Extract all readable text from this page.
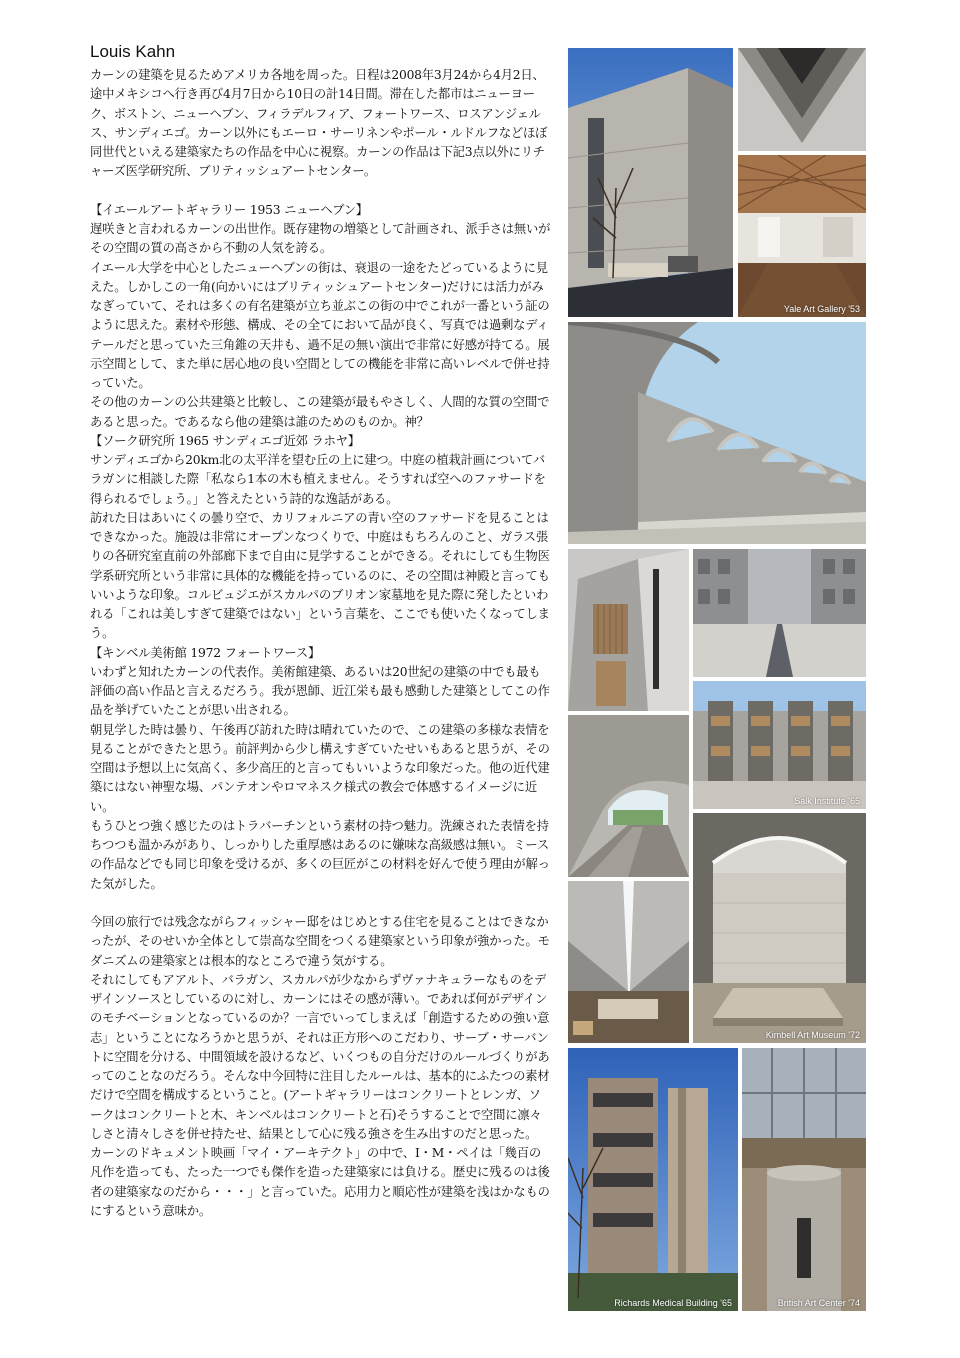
Louis Kahn

カーンの建築を見るためアメリカ各地を周った。日程は2008年3月24から4月2日、途中メキシコへ行き再び4月7日から10日の計14日間。滞在した都市はニューヨーク、ボストン、ニューヘブン、フィラデルフィア、フォートワース、ロスアンジェルス、サンディエゴ。カーン以外にもエーロ・サーリネンやポール・ルドルフなどほぼ同世代といえる建築家たちの作品を中心に視察。カーンの作品は下記3点以外にリチャーズ医学研究所、ブリティッシュアートセンター。

【イエールアートギャラリー 1953 ニューヘブン】

遅咲きと言われるカーンの出世作。既存建物の増築として計画され、派手さは無いがその空間の質の高さから不動の人気を誇る。

イエール大学を中心としたニューヘブンの街は、衰退の一途をたどっているように見えた。しかしこの一角(向かいにはブリティッシュアートセンター)だけには活力がみなぎっていて、それは多くの有名建築が立ち並ぶこの街の中でこれが一番という証のように思えた。素材や形態、構成、その全てにおいて品が良く、写真では過剰なディテールだと思っていた三角錐の天井も、過不足の無い演出で非常に好感が持てる。展示空間として、また単に居心地の良い空間としての機能を非常に高いレベルで併せ持っていた。

その他のカーンの公共建築と比較し、この建築が最もやさしく、人間的な質の空間であると思った。であるなら他の建築は誰のためのものか。神？

【ソーク研究所 1965 サンディエゴ近郊 ラホヤ】

サンディエゴから20km北の太平洋を望む丘の上に建つ。中庭の植栽計画についてバラガンに相談した際「私なら1本の木も植えません。そうすれば空へのファサードを得られるでしょう。」と答えたという詩的な逸話がある。

訪れた日はあいにくの曇り空で、カリフォルニアの青い空のファサードを見ることはできなかった。施設は非常にオープンなつくりで、中庭はもちろんのこと、ガラス張りの各研究室直前の外部廊下まで自由に見学することができる。それにしても生物医学系研究所という非常に具体的な機能を持っているのに、その空間は神殿と言ってもいいような印象。コルビュジエがスカルパのブリオン家墓地を見た際に発したといわれる「これは美しすぎて建築ではない」という言葉を、ここでも使いたくなってしまう。

【キンベル美術館 1972 フォートワース】

いわずと知れたカーンの代表作。美術館建築、あるいは20世紀の建築の中でも最も評価の高い作品と言えるだろう。我が恩師、近江栄も最も感動した建築としてこの作品を挙げていたことが思い出される。

朝見学した時は曇り、午後再び訪れた時は晴れていたので、この建築の多様な表情を見ることができたと思う。前評判から少し構えすぎていたせいもあると思うが、その空間は予想以上に気高く、多少高圧的と言ってもいいような印象だった。他の近代建築にはない神聖な場、パンテオンやロマネスク様式の教会で体感するイメージに近い。

もうひとつ強く感じたのはトラバーチンという素材の持つ魅力。洗練された表情を持ちつつも温かみがあり、しっかりした重厚感はあるのに嫌味な高級感は無い。ミースの作品などでも同じ印象を受けるが、多くの巨匠がこの材料を好んで使う理由が解った気がした。

今回の旅行では残念ながらフィッシャー邸をはじめとする住宅を見ることはできなかったが、そのせいか全体として崇高な空間をつくる建築家という印象が強かった。モダニズムの建築家とは根本的なところで違う気がする。

それにしてもアアルト、バラガン、スカルパが少なからずヴァナキュラーなものをデザインソースとしているのに対し、カーンにはその感が薄い。であれば何がデザインのモチベーションとなっているのか？一言でいってしまえば「創造するための強い意志」ということになろうかと思うが、それは正方形へのこだわり、サーブ・サーバントに空間を分ける、中間領域を設けるなど、いくつもの自分だけのルールづくりがあってのことなのだろう。そんな中今回特に注目したルールは、基本的にふたつの素材だけで空間を構成するということ。(アートギャラリーはコンクリートとレンガ、ソークはコンクリートと木、キンベルはコンクリートと石)そうすることで空間に凛々しさと清々しさを併せ持たせ、結果として心に残る強さを生み出すのだと思った。

カーンのドキュメント映画「マイ・アーキテクト」の中で、I・M・ペイは「幾百の凡作を造っても、たった一つでも傑作を造った建築家には負ける。歴史に残るのは後者の建築家なのだから・・・」と言っていた。応用力と順応性が建築を浅はかなものにするという意味か。

Yale Art Gallery '53
Salk Institute '65
Kimbell Art Museum '72
Richards Medical Building '65	British Art Center '74
